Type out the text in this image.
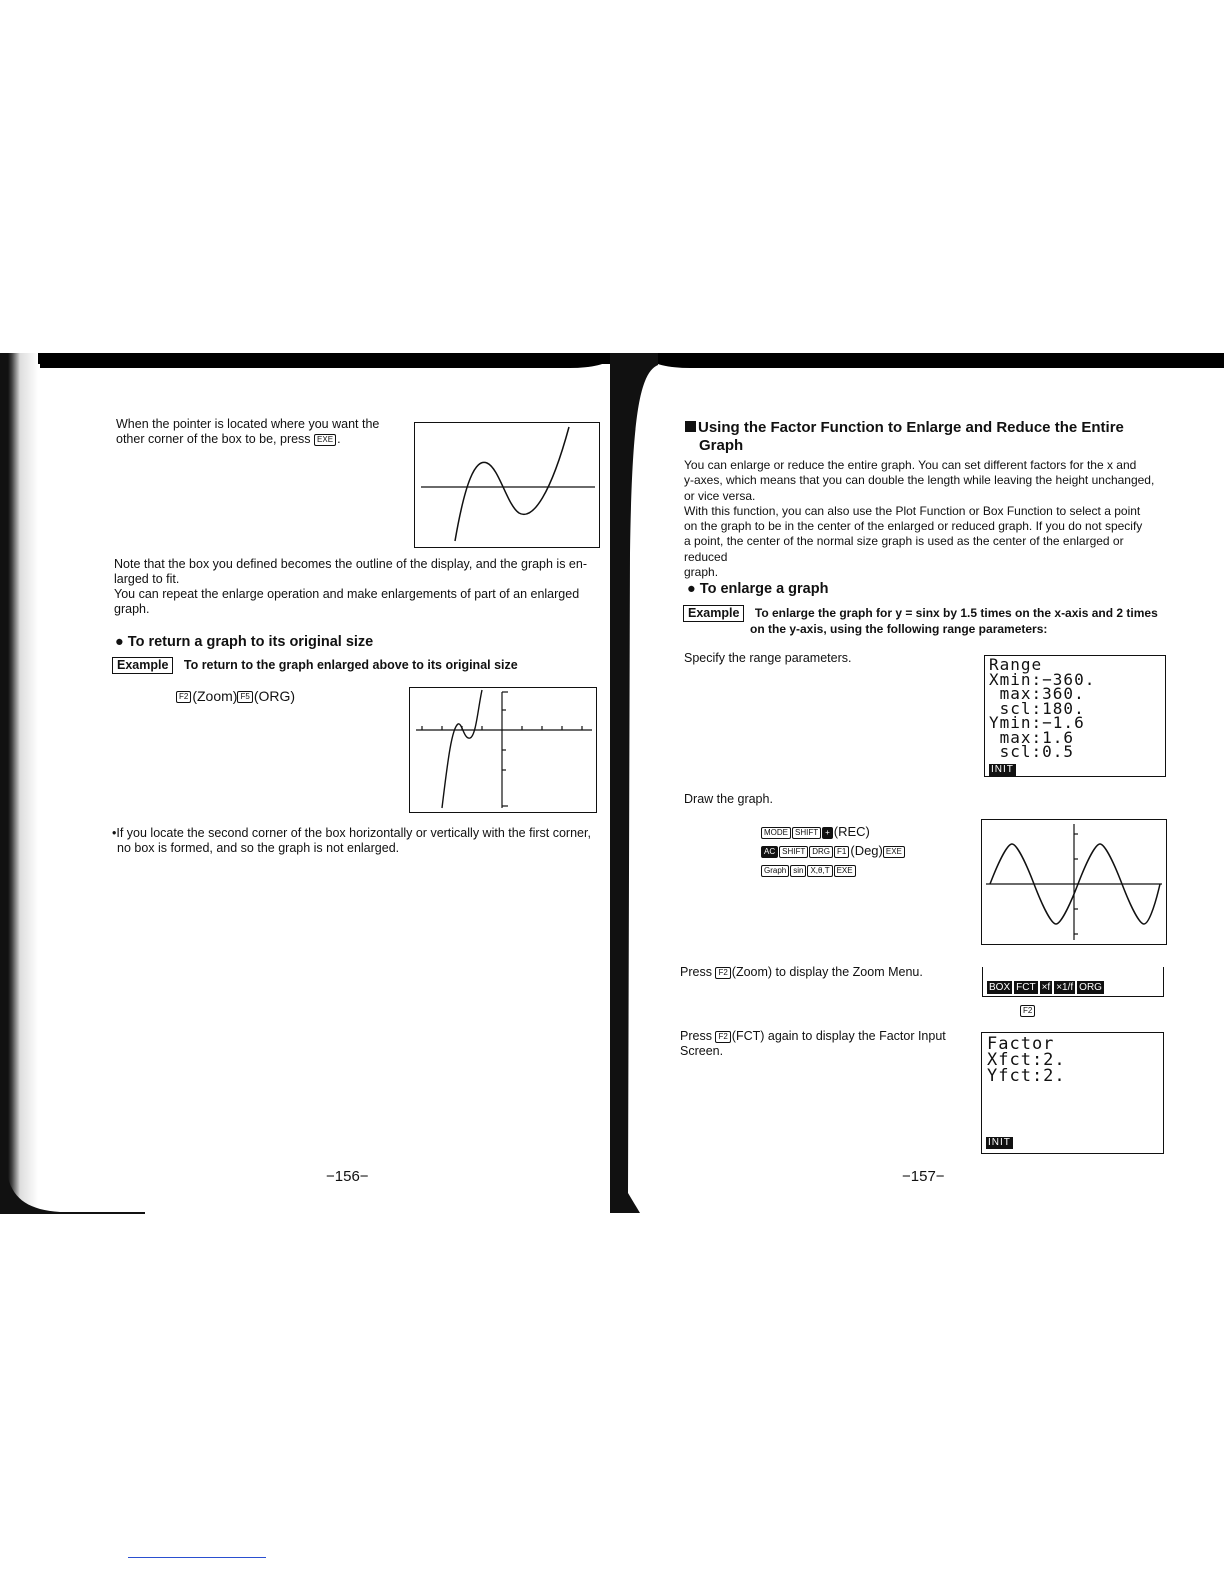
When the pointer is located where you want the other corner of the box to be, press EXE .
Note that the box you defined becomes the outline of the display, and the graph is en-
larged to fit.
You can repeat the enlarge operation and make enlargements of part of an enlarged graph.
● To return a graph to its original size
Example To return to the graph enlarged above to its original size
F2 (Zoom) F5 (ORG)
•If you locate the second corner of the box horizontally or vertically with the first corner,
no box is formed, and so the graph is not enlarged.
−156−
Using the Factor Function to Enlarge and Reduce the Entire
Graph
You can enlarge or reduce the entire graph. You can set different factors for the x and
y-axes, which means that you can double the length while leaving the height unchanged,
or vice versa.
With this function, you can also use the Plot Function or Box Function to select a point
on the graph to be in the center of the enlarged or reduced graph. If you do not specify
a point, the center of the normal size graph is used as the center of the enlarged or reduced
graph.
● To enlarge a graph
Example To enlarge the graph for y = sinx by 1.5 times on the x-axis and 2 times
on the y-axis, using the following range parameters:
Specify the range parameters.	Range
Xmin:−360.
max:360.
scl:180.
Ymin:−1.6
max:1.6
scl:0.5
INIT
Draw the graph.
MODE SHIFT + (REC)
AC SHIFT DRG F1 (Deg) EXE
Graph sin X,θ,T EXE
Press F2 (Zoom) to display the Zoom Menu.
BOX FCT ×f ×1/f ORG
F2
Press F2 (FCT) again to display the Factor Input
Screen.	Factor
Xfct:2.
Yfct:2.
INIT
−157−
